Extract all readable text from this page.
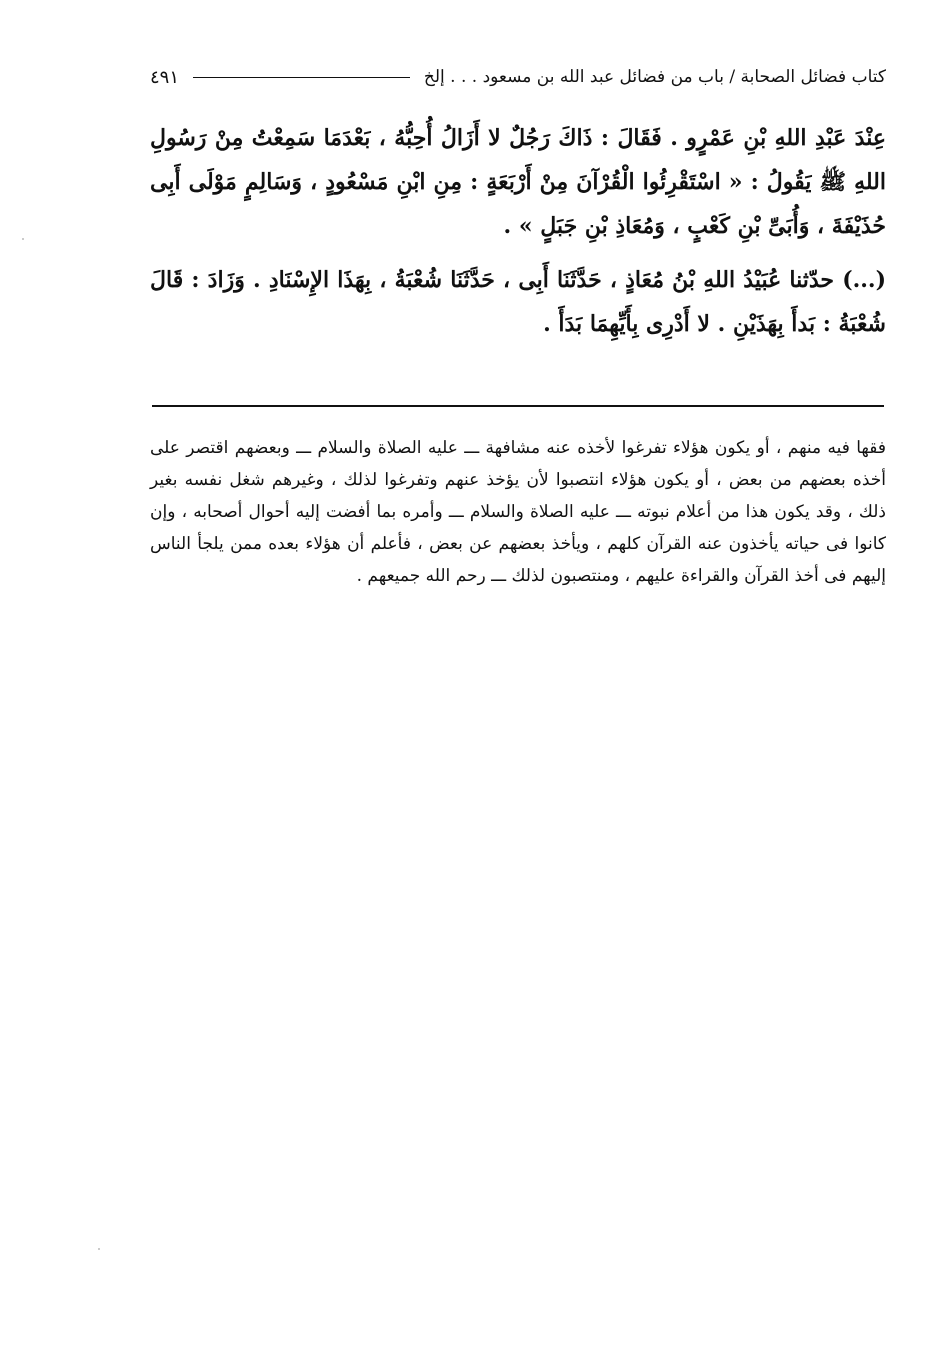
كتاب فضائل الصحابة / باب من فضائل عبد الله بن مسعود . . . إلخ
٤٩١

عِنْدَ عَبْدِ اللهِ بْنِ عَمْرٍو . فَقَالَ : ذَاكَ رَجُلٌ لا أَزَالُ أُحِبُّهُ ، بَعْدَمَا سَمِعْتُ مِنْ رَسُولِ اللهِ ﷺ يَقُولُ : « اسْتَقْرِئُوا الْقُرْآنَ مِنْ أَرْبَعَةٍ : مِنِ ابْنِ مَسْعُودٍ ، وَسَالِمٍ مَوْلَى أَبِى حُذَيْفَةَ ، وَأُبَىِّ بْنِ كَعْبٍ ، وَمُعَاذِ بْنِ جَبَلٍ » .

(...) حدّثنا عُبَيْدُ اللهِ بْنُ مُعَاذٍ ، حَدَّثَنَا أَبِى ، حَدَّثَنَا شُعْبَةُ ، بِهَذَا الإِسْنَادِ . وَزَادَ : قَالَ شُعْبَةُ : بَدأَ بِهَذَيْنِ . لا أَدْرِى بِأَيِّهِمَا بَدَأَ .

فقها فيه منهم ، أو يكون هؤلاء تفرغوا لأخذه عنه مشافهة ـــ عليه الصلاة والسلام ـــ وبعضهم اقتصر على أخذه بعضهم من بعض ، أو يكون هؤلاء انتصبوا لأن يؤخذ عنهم وتفرغوا لذلك ، وغيرهم شغل نفسه بغير ذلك ، وقد يكون هذا من أعلام نبوته ـــ عليه الصلاة والسلام ـــ وأمره بما أفضت إليه أحوال أصحابه ، وإن كانوا فى حياته يأخذون عنه القرآن كلهم ، ويأخذ بعضهم عن بعض ، فأعلم أن هؤلاء بعده ممن يلجأ الناس إليهم فى أخذ القرآن والقراءة عليهم ، ومنتصبون لذلك ـــ رحم الله جميعهم .
